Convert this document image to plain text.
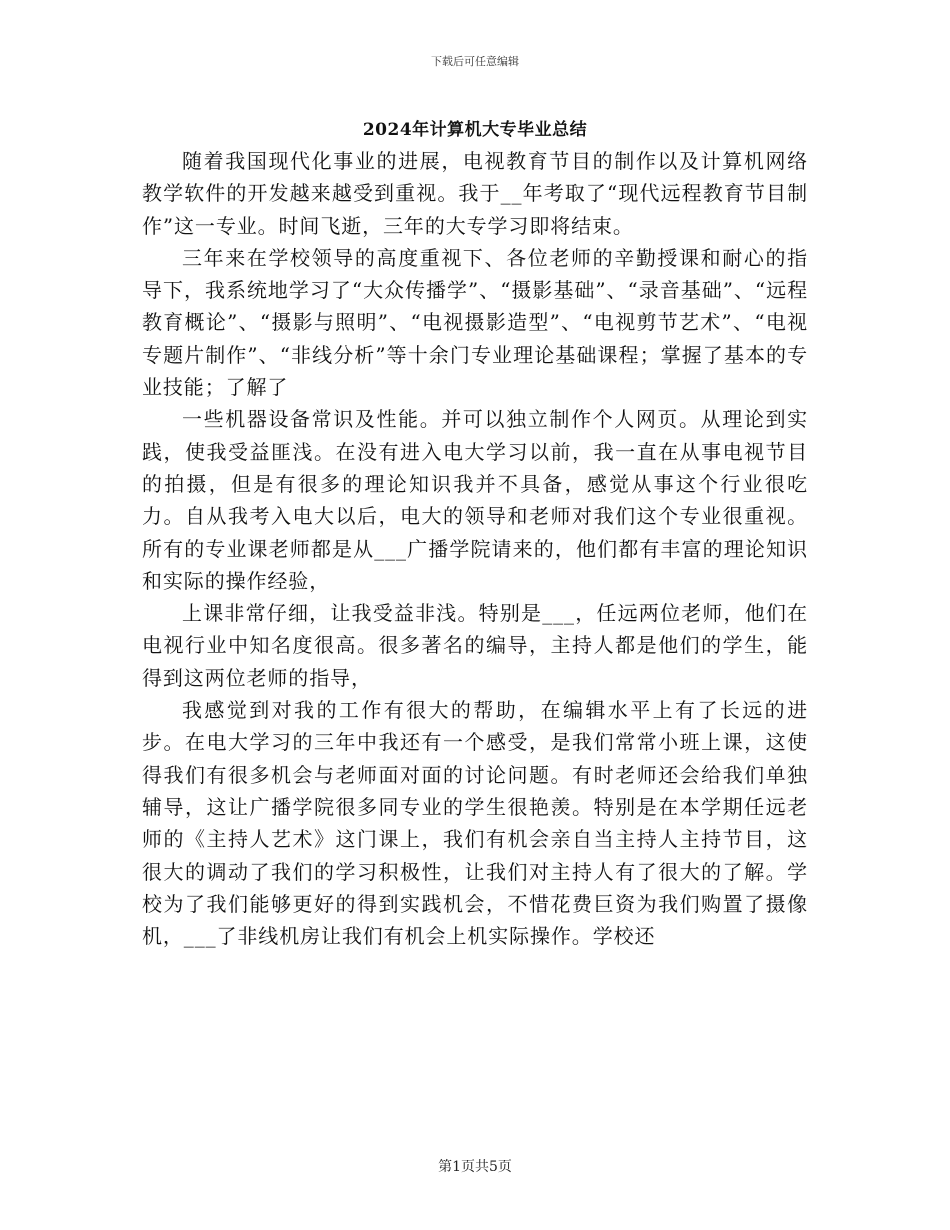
下载后可任意编辑
2024年计算机大专毕业总结

随着我国现代化事业的进展，电视教育节目的制作以及计算机网络教学软件的开发越来越受到重视。我于__年考取了“现代远程教育节目制作”这一专业。时间飞逝，三年的大专学习即将结束。

三年来在学校领导的高度重视下、各位老师的辛勤授课和耐心的指导下，我系统地学习了“大众传播学”、“摄影基础”、“录音基础”、“远程教育概论”、“摄影与照明”、“电视摄影造型”、“电视剪节艺术”、“电视专题片制作”、“非线分析”等十余门专业理论基础课程；掌握了基本的专业技能；了解了

一些机器设备常识及性能。并可以独立制作个人网页。从理论到实践，使我受益匪浅。在没有进入电大学习以前，我一直在从事电视节目的拍摄，但是有很多的理论知识我并不具备，感觉从事这个行业很吃力。自从我考入电大以后，电大的领导和老师对我们这个专业很重视。所有的专业课老师都是从___广播学院请来的，他们都有丰富的理论知识和实际的操作经验，

上课非常仔细，让我受益非浅。特别是___，任远两位老师，他们在电视行业中知名度很高。很多著名的编导，主持人都是他们的学生，能得到这两位老师的指导，

我感觉到对我的工作有很大的帮助，在编辑水平上有了长远的进步。在电大学习的三年中我还有一个感受，是我们常常小班上课，这使得我们有很多机会与老师面对面的讨论问题。有时老师还会给我们单独辅导，这让广播学院很多同专业的学生很艳羡。特别是在本学期任远老师的《主持人艺术》这门课上，我们有机会亲自当主持人主持节目，这很大的调动了我们的学习积极性，让我们对主持人有了很大的了解。学校为了我们能够更好的得到实践机会，不惜花费巨资为我们购置了摄像机，___了非线机房让我们有机会上机实际操作。学校还

第1页共5页
